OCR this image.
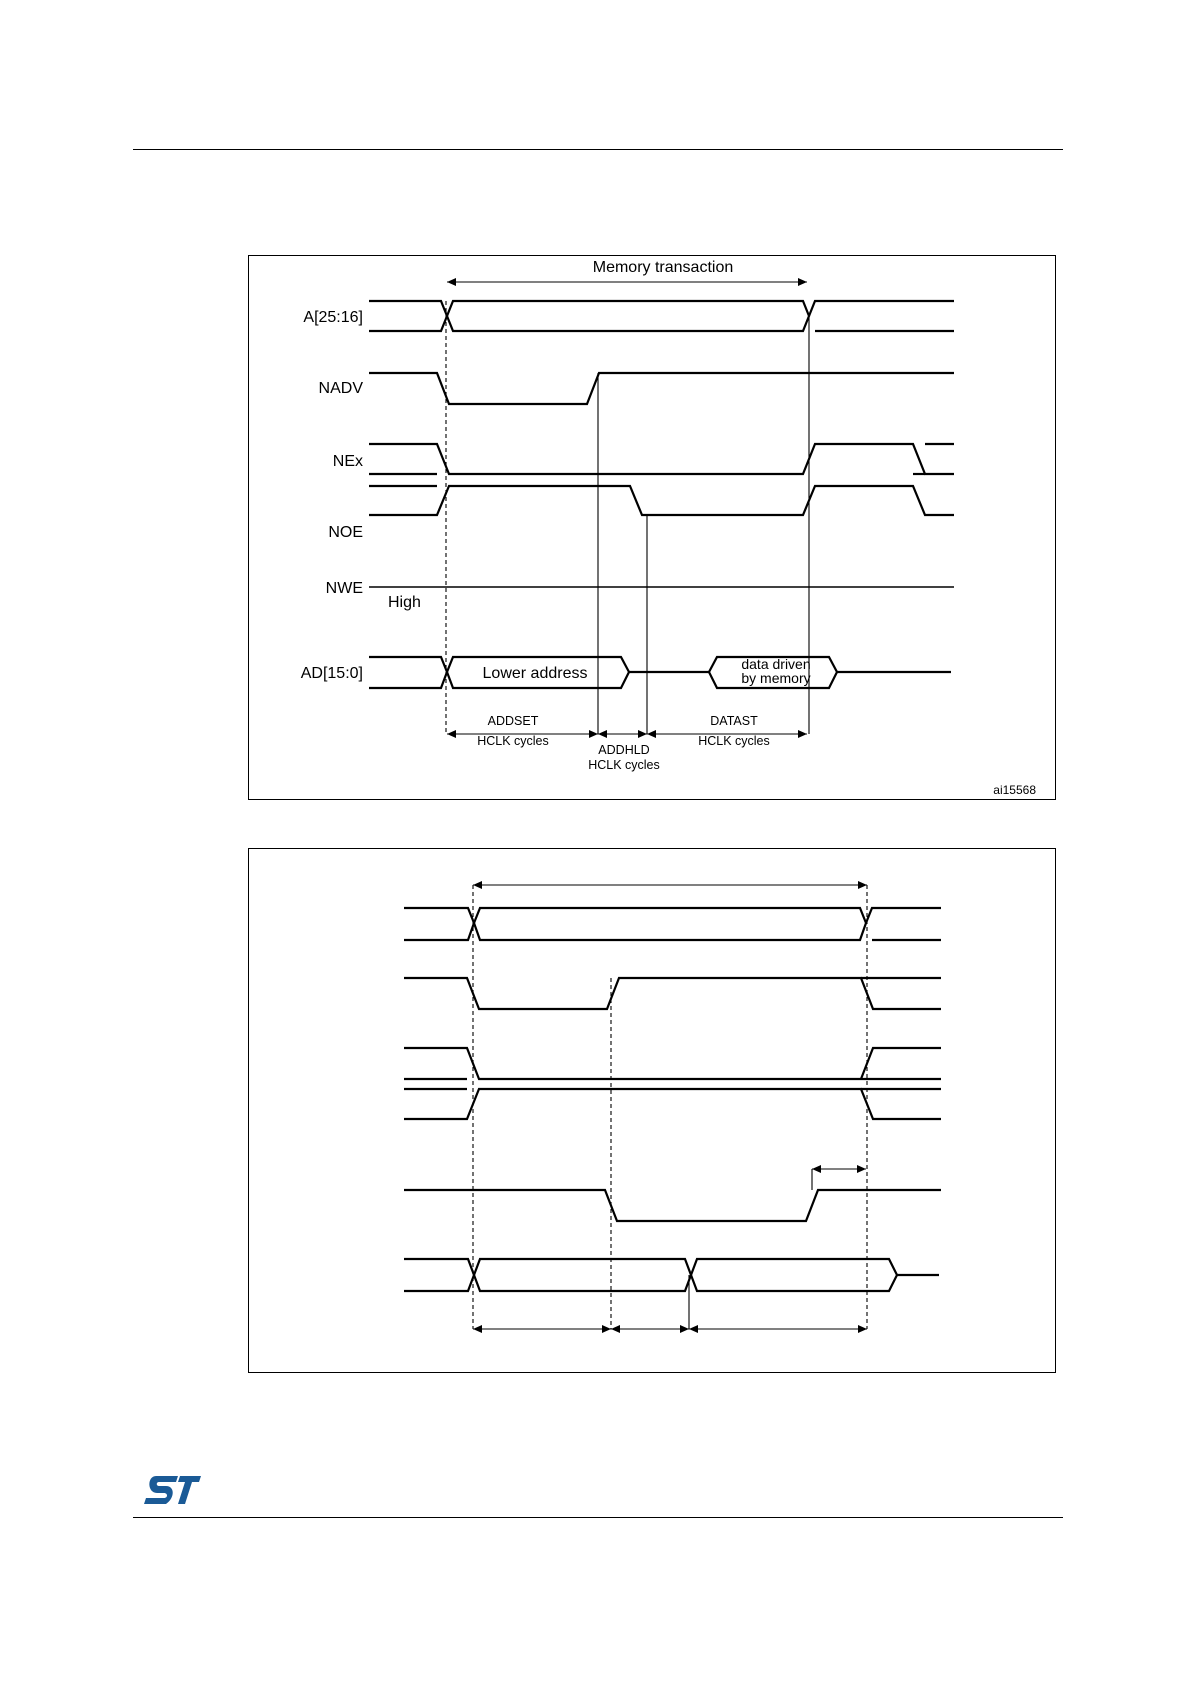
Memory transaction
A[25:16]
NADV
NEx
NOE
NWE
High
AD[15:0]	Lower address
data driven
by memory
ADDSET
HCLK cycles
ADDHLD
HCLK cycles
DATAST
HCLK cycles
ai15568
